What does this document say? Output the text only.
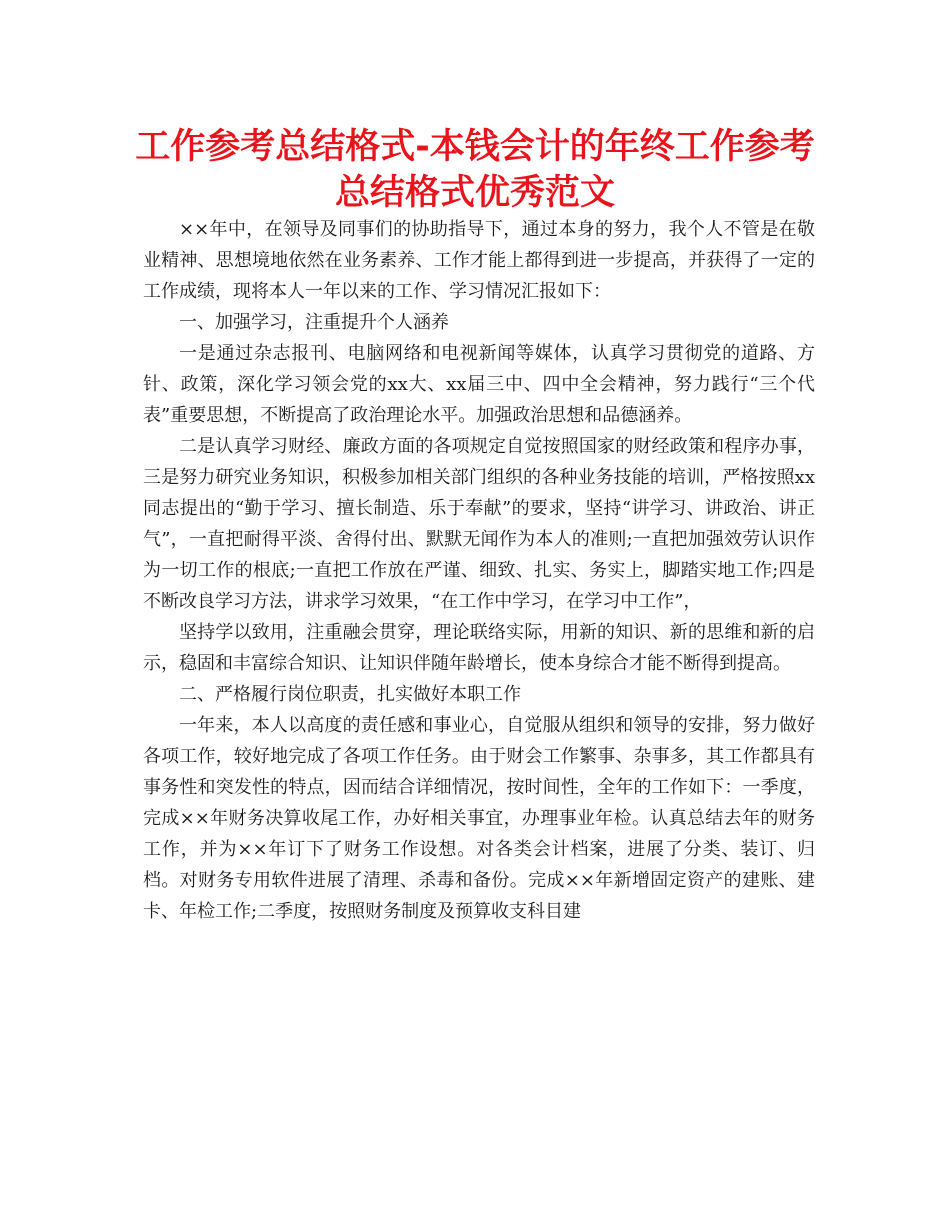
工作参考总结格式-本钱会计的年终工作参考总结格式优秀范文

××年中，在领导及同事们的协助指导下，通过本身的努力，我个人不管是在敬业精神、思想境地依然在业务素养、工作才能上都得到进一步提高，并获得了一定的工作成绩，现将本人一年以来的工作、学习情况汇报如下：

一、加强学习，注重提升个人涵养

一是通过杂志报刊、电脑网络和电视新闻等媒体，认真学习贯彻党的道路、方针、政策，深化学习领会党的xx大、xx届三中、四中全会精神，努力践行“三个代表”重要思想，不断提高了政治理论水平。加强政治思想和品德涵养。

二是认真学习财经、廉政方面的各项规定自觉按照国家的财经政策和程序办事，三是努力研究业务知识，积极参加相关部门组织的各种业务技能的培训，严格按照xx同志提出的“勤于学习、擅长制造、乐于奉献”的要求，坚持“讲学习、讲政治、讲正气”，一直把耐得平淡、舍得付出、默默无闻作为本人的准则;一直把加强效劳认识作为一切工作的根底;一直把工作放在严谨、细致、扎实、务实上，脚踏实地工作;四是不断改良学习方法，讲求学习效果，“在工作中学习，在学习中工作”，

坚持学以致用，注重融会贯穿，理论联络实际，用新的知识、新的思维和新的启示，稳固和丰富综合知识、让知识伴随年龄增长，使本身综合才能不断得到提高。

二、严格履行岗位职责，扎实做好本职工作

一年来，本人以高度的责任感和事业心，自觉服从组织和领导的安排，努力做好各项工作，较好地完成了各项工作任务。由于财会工作繁事、杂事多，其工作都具有事务性和突发性的特点，因而结合详细情况，按时间性，全年的工作如下：一季度，完成××年财务决算收尾工作，办好相关事宜，办理事业年检。认真总结去年的财务工作，并为××年订下了财务工作设想。对各类会计档案，进展了分类、装订、归档。对财务专用软件进展了清理、杀毒和备份。完成××年新增固定资产的建账、建卡、年检工作;二季度，按照财务制度及预算收支科目建
